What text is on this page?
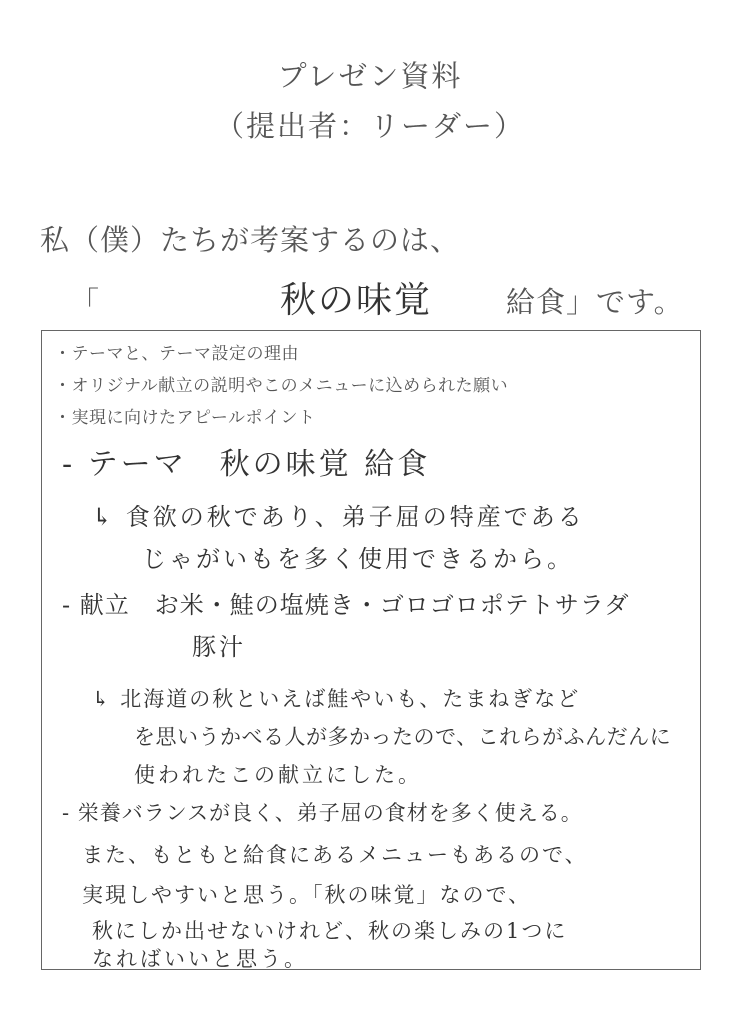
プレゼン資料
（提出者：リーダー）
私（僕）たちが考案するのは、
「	秋の味覚	給食」です。
・テーマと、テーマ設定の理由
・オリジナル献立の説明やこのメニューに込められた願い
・実現に向けたアピールポイント
- テーマ　秋の味覚 給食
↳ 食欲の秋であり、弟子屈の特産である
じゃがいもを多く使用できるから。
- 献立　お米・鮭の塩焼き・ゴロゴロポテトサラダ
豚汁
↳ 北海道の秋といえば鮭やいも、たまねぎなど
を思いうかべる人が多かったので、これらがふんだんに
使われたこの献立にした。
- 栄養バランスが良く、弟子屈の食材を多く使える。
また、もともと給食にあるメニューもあるので、
実現しやすいと思う。「秋の味覚」なので、
秋にしか出せないけれど、秋の楽しみの1つに
なればいいと思う。
